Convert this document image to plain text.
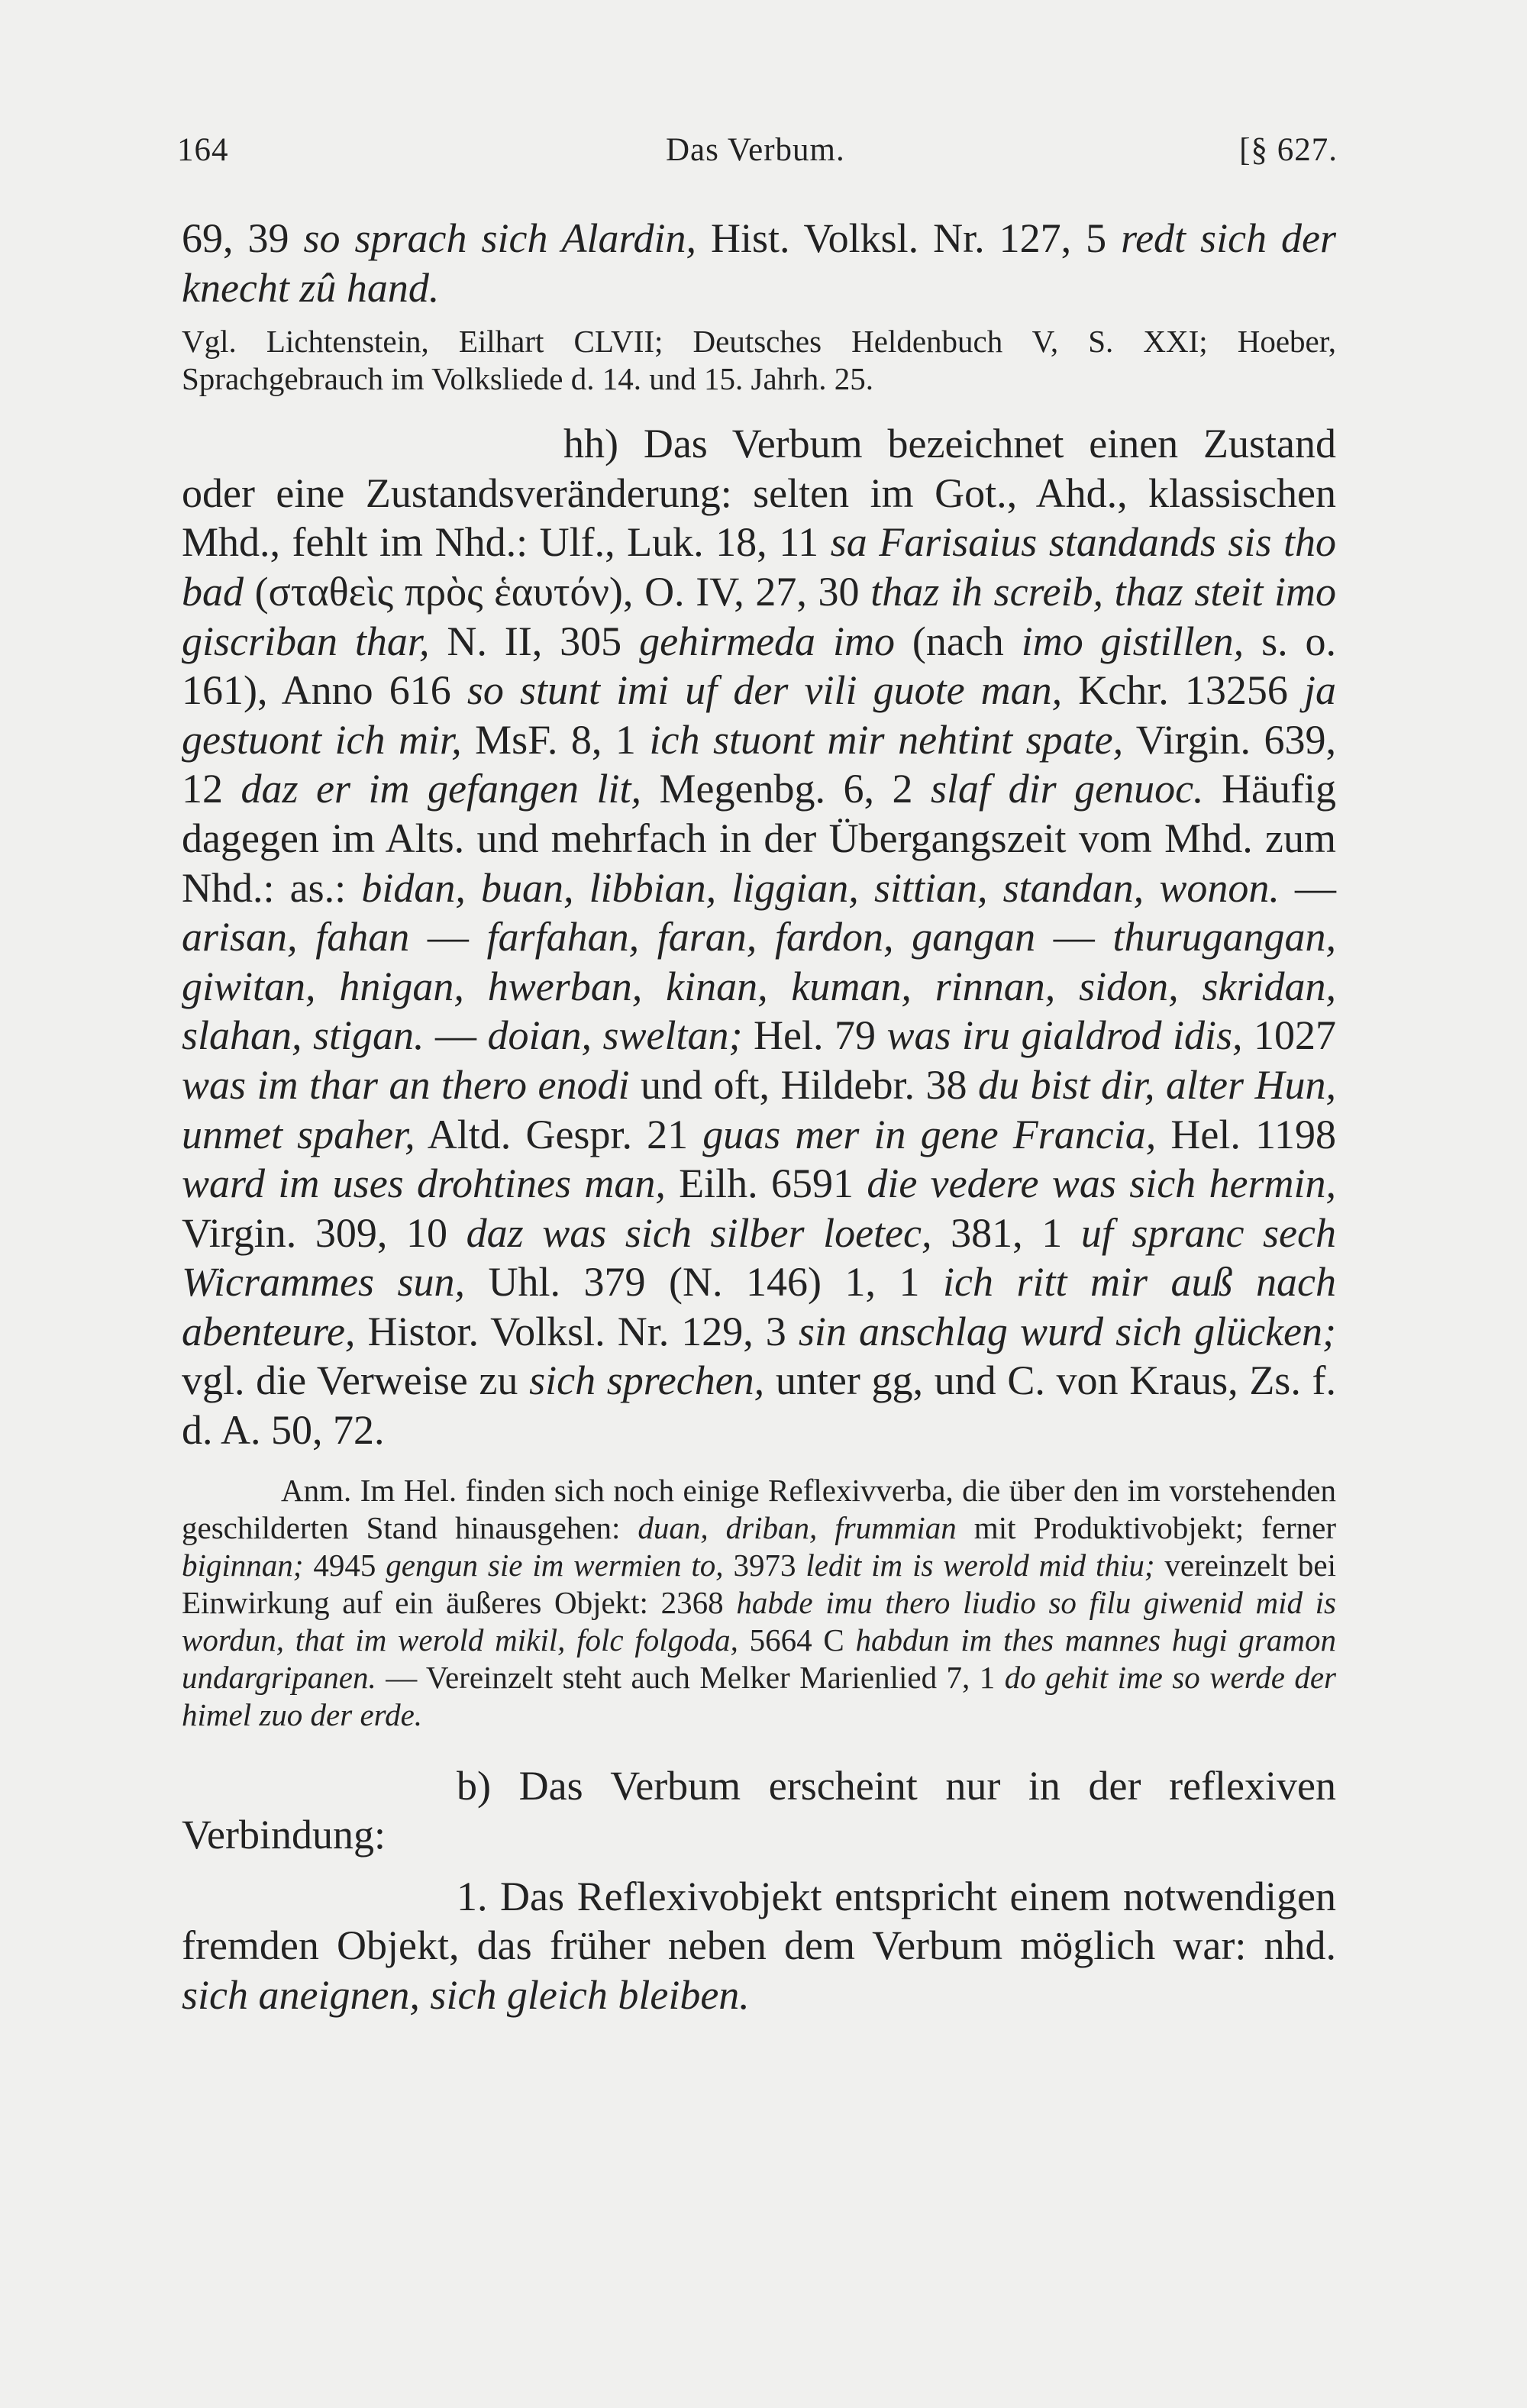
164	Das Verbum.	[§ 627.

69, 39 so sprach sich Alardin, Hist. Volksl. Nr. 127, 5 redt sich der knecht zû hand.

Vgl. Lichtenstein, Eilhart CLVII; Deutsches Heldenbuch V, S. XXI; Hoeber, Sprachgebrauch im Volksliede d. 14. und 15. Jahrh. 25.

hh) Das Verbum bezeichnet einen Zustand oder eine Zustandsveränderung: selten im Got., Ahd., klassischen Mhd., fehlt im Nhd.: Ulf., Luk. 18, 11 sa Farisaius standands sis tho bad (σταθεὶς πρὸς ἑαυτόν), O. IV, 27, 30 thaz ih screib, thaz steit imo giscriban thar, N. II, 305 gehirmeda imo (nach imo gistillen, s. o. 161), Anno 616 so stunt imi uf der vili guote man, Kchr. 13256 ja gestuont ich mir, MsF. 8, 1 ich stuont mir nehtint spate, Virgin. 639, 12 daz er im gefangen lit, Megenbg. 6, 2 slaf dir genuoc. Häufig dagegen im Alts. und mehrfach in der Übergangszeit vom Mhd. zum Nhd.: as.: bidan, buan, libbian, liggian, sittian, standan, wonon. — arisan, fahan — farfahan, faran, fardon, gangan — thurugangan, giwitan, hnigan, hwerban, kinan, kuman, rinnan, sidon, skridan, slahan, stigan. — doian, sweltan; Hel. 79 was iru gialdrod idis, 1027 was im thar an thero enodi und oft, Hildebr. 38 du bist dir, alter Hun, unmet spaher, Altd. Gespr. 21 guas mer in gene Francia, Hel. 1198 ward im uses drohtines man, Eilh. 6591 die vedere was sich hermin, Virgin. 309, 10 daz was sich silber loetec, 381, 1 uf spranc sech Wicrammes sun, Uhl. 379 (N. 146) 1, 1 ich ritt mir auß nach abenteure, Histor. Volksl. Nr. 129, 3 sin anschlag wurd sich glücken; vgl. die Verweise zu sich sprechen, unter gg, und C. von Kraus, Zs. f. d. A. 50, 72.

Anm. Im Hel. finden sich noch einige Reflexivverba, die über den im vorstehenden geschilderten Stand hinausgehen: duan, driban, frummian mit Produktivobjekt; ferner biginnan; 4945 gengun sie im wermien to, 3973 ledit im is werold mid thiu; vereinzelt bei Einwirkung auf ein äußeres Objekt: 2368 habde imu thero liudio so filu giwenid mid is wordun, that im werold mikil, folc folgoda, 5664 C habdun im thes mannes hugi gramon undargripanen. — Vereinzelt steht auch Melker Marienlied 7, 1 do gehit ime so werde der himel zuo der erde.

b) Das Verbum erscheint nur in der reflexiven Verbindung:

1. Das Reflexivobjekt entspricht einem notwendigen fremden Objekt, das früher neben dem Verbum möglich war: nhd. sich aneignen, sich gleich bleiben.
